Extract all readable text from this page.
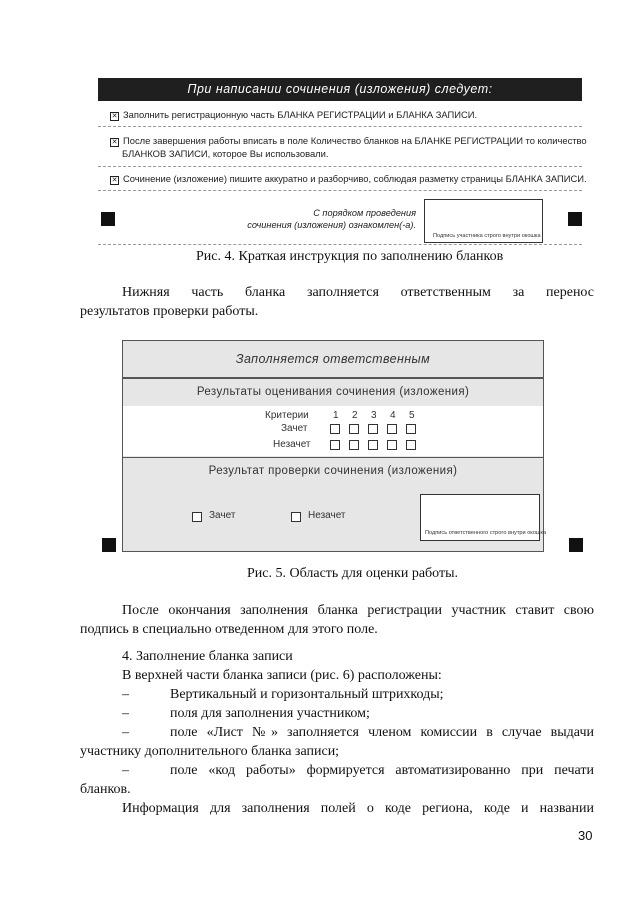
При написании сочинения (изложения) следует:
✕Заполнить регистрационную часть БЛАНКА РЕГИСТРАЦИИ и БЛАНКА ЗАПИСИ.
✕После завершения работы вписать в поле Количество бланков на БЛАНКЕ РЕГИСТРАЦИИ то количество
БЛАНКОВ ЗАПИСИ, которое Вы использовали.
✕Сочинение (изложение) пишите аккуратно и разборчиво, соблюдая разметку страницы БЛАНКА ЗАПИСИ.
С порядком проведения
сочинения (изложения) ознакомлен(-а).
Подпись участника строго внутри окошка
Рис. 4. Краткая инструкция по заполнению бланков
Нижняя часть бланка заполняется ответственным за перенос
результатов проверки работы.
Заполняется ответственным
Результаты оценивания сочинения (изложения)
Критерии 1 2 3 4 5
Зачет
Незачет
Результат проверки сочинения (изложения)
Зачет	Незачет
Подпись ответственного строго внутри окошка
Рис. 5. Область для оценки работы.
После окончания заполнения бланка регистрации участник ставит свою
подпись в специально отведенном для этого поле.
4. Заполнение бланка записи
В верхней части бланка записи (рис. 6) расположены:
–	Вертикальный и горизонтальный штрихкоды;
–	поля для заполнения участником;
–	поле «Лист №» заполняется членом комиссии в случае выдачи
участнику дополнительного бланка записи;
–	поле «код работы» формируется автоматизированно при печати
бланков.
Информация для заполнения полей о коде региона, коде и названии
30
